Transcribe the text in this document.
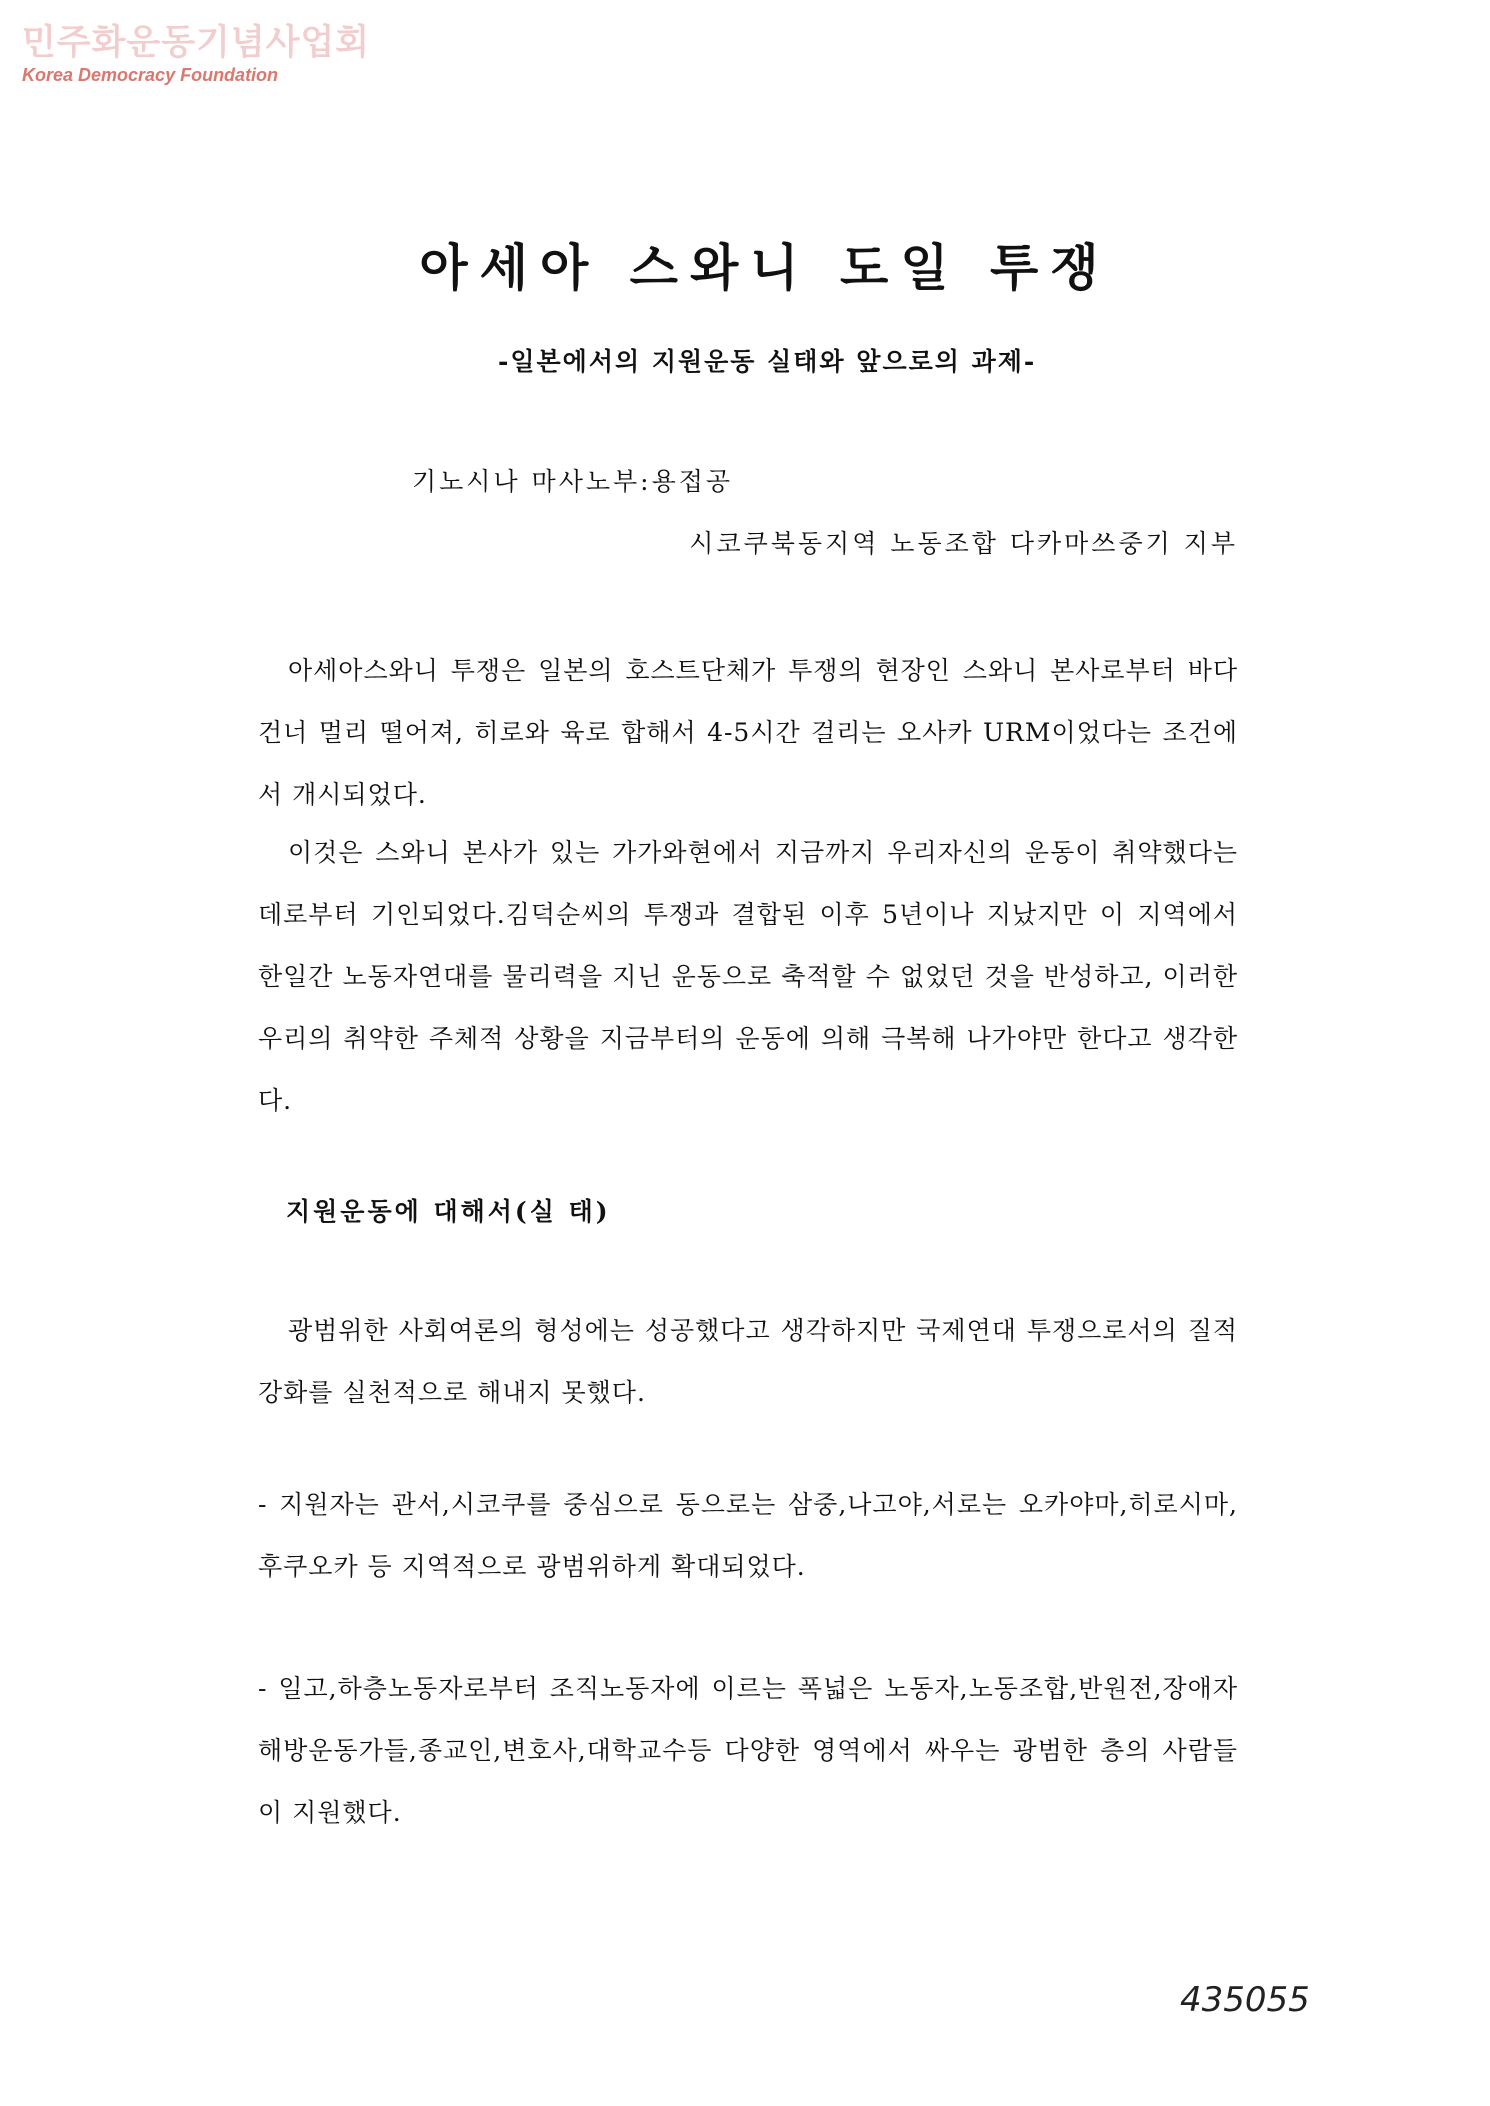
민주화운동기념사업회
Korea Democracy Foundation
아세아 스와니 도일 투쟁
-일본에서의 지원운동 실태와 앞으로의 과제-
기노시나 마사노부:용접공
시코쿠북동지역 노동조합 다카마쓰중기 지부

아세아스와니 투쟁은 일본의 호스트단체가 투쟁의 현장인 스와니 본사로부터 바다건너 멀리 떨어져, 히로와 육로 합해서 4-5시간 걸리는 오사카 URM이었다는 조건에서 개시되었다.

이것은 스와니 본사가 있는 가가와현에서 지금까지 우리자신의 운동이 취약했다는데로부터 기인되었다.김덕순씨의 투쟁과 결합된 이후 5년이나 지났지만 이 지역에서 한일간 노동자연대를 물리력을 지닌 운동으로 축적할 수 없었던 것을 반성하고, 이러한 우리의 취약한 주체적 상황을 지금부터의 운동에 의해 극복해 나가야만 한다고 생각한다.

지원운동에 대해서(실 태)

광범위한 사회여론의 형성에는 성공했다고 생각하지만 국제연대 투쟁으로서의 질적 강화를 실천적으로 해내지 못했다.

- 지원자는 관서,시코쿠를 중심으로 동으로는 삼중,나고야,서로는 오카야마,히로시마,후쿠오카 등 지역적으로 광범위하게 확대되었다.

- 일고,하층노동자로부터 조직노동자에 이르는 폭넓은 노동자,노동조합,반원전,장애자 해방운동가들,종교인,변호사,대학교수등 다양한 영역에서 싸우는 광범한 층의 사람들이 지원했다.

435055
